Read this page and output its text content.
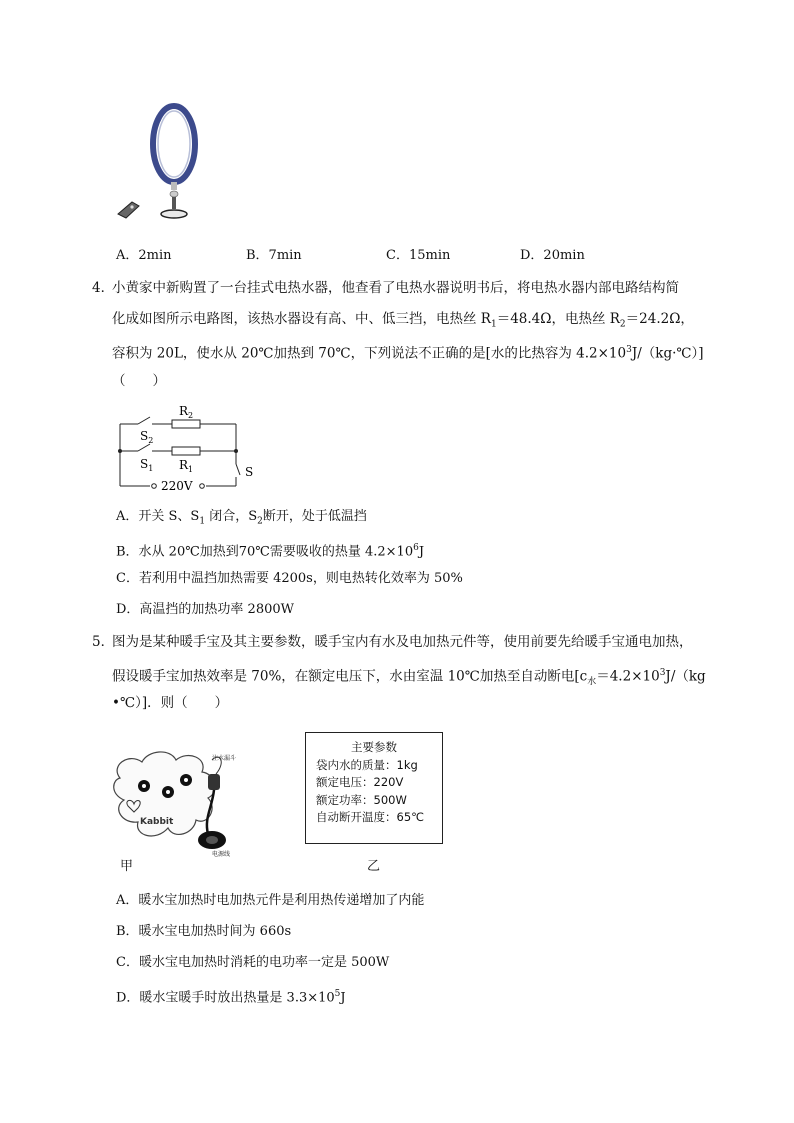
A．2min	B．7min	C．15min	D．20min
4．
小黄家中新购置了一台挂式电热水器，他查看了电热水器说明书后，将电热水器内部电路结构简
化成如图所示电路图，该热水器设有高、中、低三挡，电热丝 $R_1=48.4\Omega$，电热丝 $R_2=24.2\Omega$，
容积为 20L，使水从 20℃加热到 70℃，下列说法不正确的是[水的比热容为 $4.2\times 10^3J/(kg\cdot℃)$]
（　　）
$R_2$
$S_2$
$S_1$ $R_1$	S
220V
A．开关 S、$S_1$ 闭合，$S_2$断开，处于低温挡
B．水从 20℃加热到70℃需要吸收的热量 $4.2\times 10^6J$
C．若利用中温挡加热需要 4200s，则电热转化效率为 50%
D．高温挡的加热功率 2800W
5．
图为是某种暖手宝及其主要参数，暖手宝内有水及电加热元件等，使用前要先给暖手宝通电加热，
假设暖手宝加热效率是 70%，在额定电压下，水由室温 10℃加热至自动断电[$c_水=4.2\times 10^3J/(kg$
•℃）]．则（　　）
Kabbit
注水漏斗
电源线
甲
主要参数
袋内水的质量：1kg
额定电压：220V
额定功率：500W
自动断开温度：65℃
乙
A．暖水宝加热时电加热元件是利用热传递增加了内能
B．暖水宝电加热时间为 660s
C．暖水宝电加热时消耗的电功率一定是 500W
D．暖水宝暖手时放出热量是 $3.3\times 10^5J$
